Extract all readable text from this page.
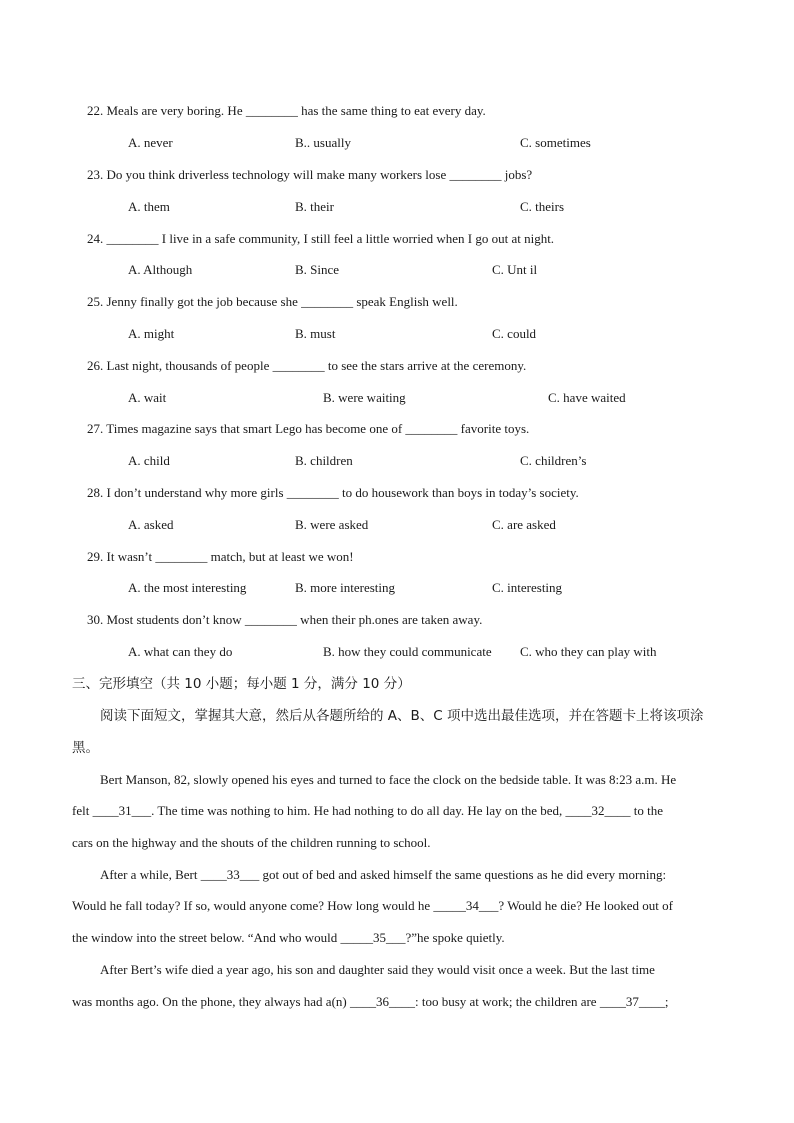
22. Meals are very boring. He ________ has the same thing to eat every day.
A. never	B.. usually	C. sometimes
23. Do you think driverless technology will make many workers lose ________ jobs?
A. them	B. their	C. theirs
24. ________ I live in a safe community, I still feel a little worried when I go out at night.
A. Although	B. Since	C. Unt il
25. Jenny finally got the job because she ________ speak English well.
A. might	B. must	C. could
26. Last night, thousands of people ________ to see the stars arrive at the ceremony.
A. wait	B. were waiting	C. have waited
27. Times magazine says that smart Lego has become one of ________ favorite toys.
A. child	B. children	C. children’s
28. I don’t understand why more girls ________ to do housework than boys in today’s society.
A. asked	B. were asked	C. are asked
29. It wasn’t ________ match, but at least we won!
A. the most interesting	B. more interesting	C. interesting
30. Most students don’t know ________ when their ph.ones are taken away.
A. what can they do	B. how they could communicate C. who they can play with
三、完形填空（共 10 小题；每小题 1 分，满分 10 分）
阅读下面短文，掌握其大意，然后从各题所给的 A、B、C 项中选出最佳选项，并在答题卡上将该项涂
黑。
Bert Manson, 82, slowly opened his eyes and turned to face the clock on the bedside table. It was 8:23 a.m. He
felt ____31___. The time was nothing to him. He had nothing to do all day. He lay on the bed, ____32____ to the
cars on the highway and the shouts of the children running to school.
After a while, Bert ____33___ got out of bed and asked himself the same questions as he did every morning:
Would he fall today? If so, would anyone come? How long would he _____34___? Would he die? He looked out of
the window into the street below. “And who would _____35___?”he spoke quietly.
After Bert’s wife died a year ago, his son and daughter said they would visit once a week. But the last time
was months ago. On the phone, they always had a(n) ____36____: too busy at work; the children are ____37____;
